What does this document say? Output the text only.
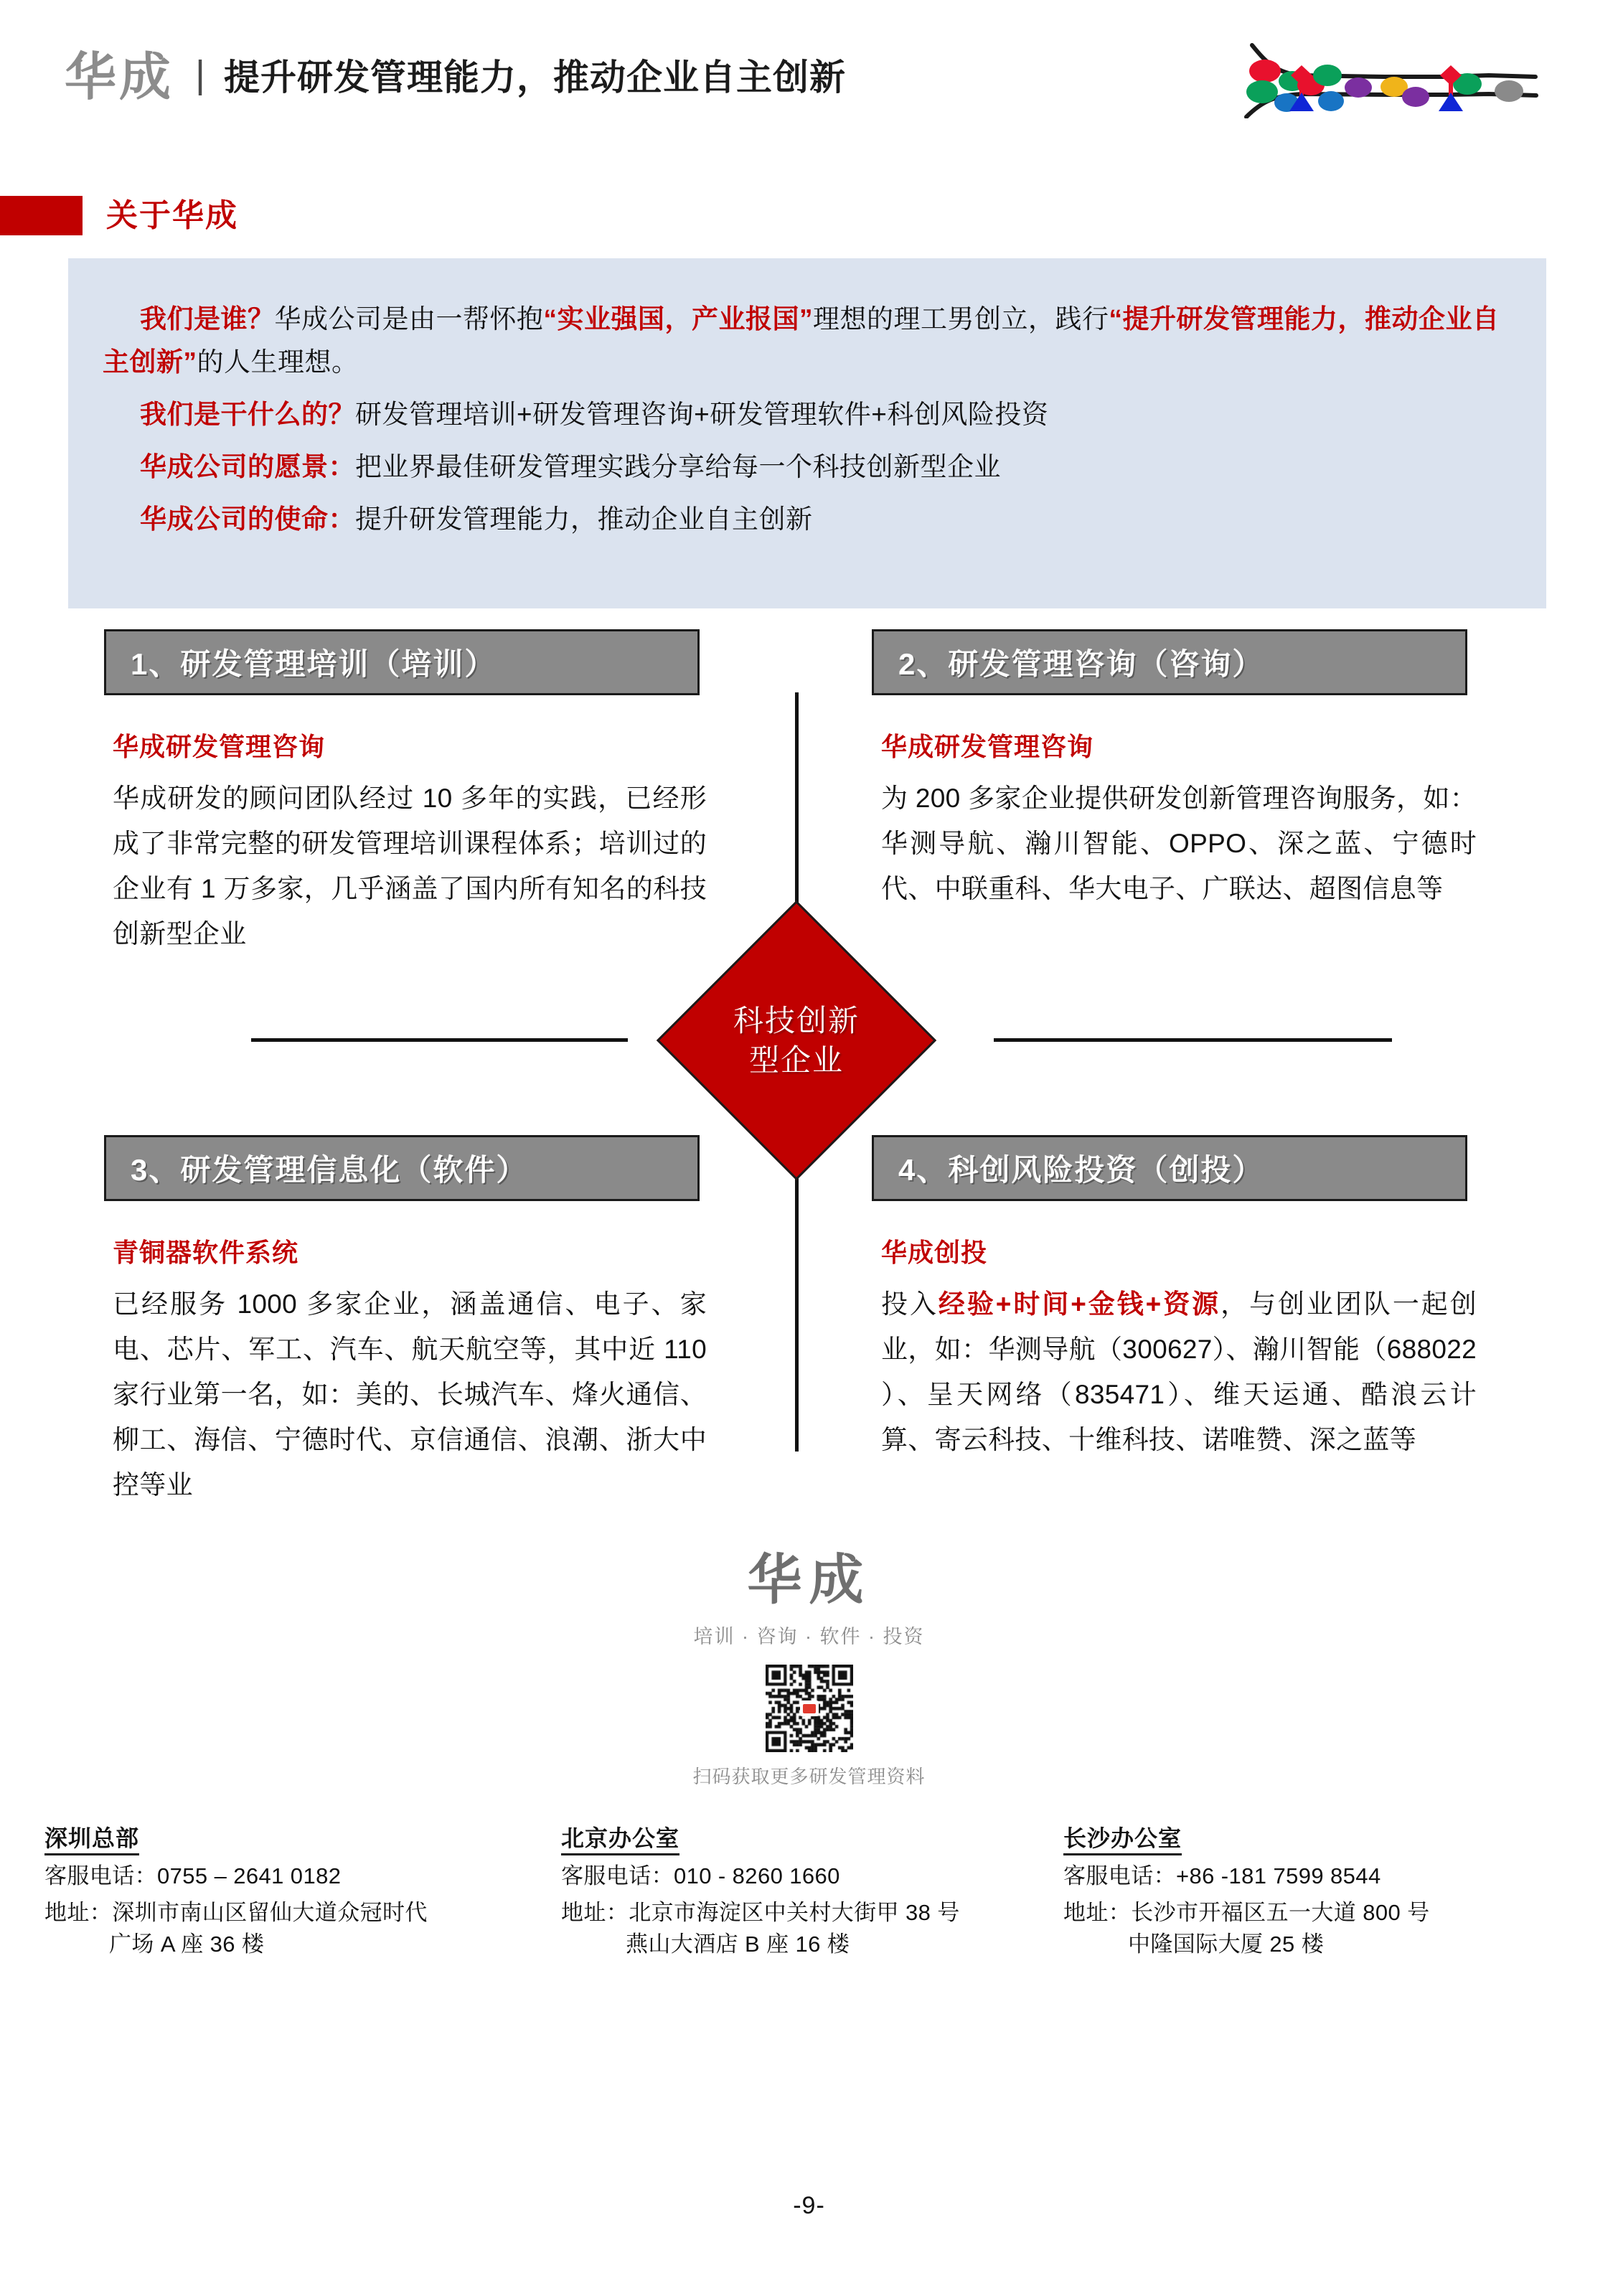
华成 | 提升研发管理能力，推动企业自主创新
关于华成
我们是谁？华成公司是由一帮怀抱“实业强国，产业报国”理想的理工男创立，践行“提升研发管理能力，推动企业自主创新”的人生理想。
我们是干什么的？研发管理培训+研发管理咨询+研发管理软件+科创风险投资
华成公司的愿景：把业界最佳研发管理实践分享给每一个科技创新型企业
华成公司的使命：提升研发管理能力，推动企业自主创新
1、研发管理培训（培训）
华成研发管理咨询
华成研发的顾问团队经过 10 多年的实践，已经形成了非常完整的研发管理培训课程体系；培训过的企业有 1 万多家，几乎涵盖了国内所有知名的科技创新型企业
2、研发管理咨询（咨询）
华成研发管理咨询
为 200 多家企业提供研发创新管理咨询服务，如：华测导航、瀚川智能、OPPO、深之蓝、宁德时代、中联重科、华大电子、广联达、超图信息等
3、研发管理信息化（软件）
青铜器软件系统
已经服务 1000 多家企业，涵盖通信、电子、家电、芯片、军工、汽车、航天航空等，其中近 110 家行业第一名，如：美的、长城汽车、烽火通信、柳工、海信、宁德时代、京信通信、浪潮、浙大中控等业
4、科创风险投资（创投）
华成创投
投入经验+时间+金钱+资源，与创业团队一起创业，如：华测导航（300627）、瀚川智能（688022 ）、呈天网络（835471）、维天运通、酷浪云计算、寄云科技、十维科技、诺唯赞、深之蓝等
科技创新
型企业
华成
培训 · 咨询 · 软件 · 投资
扫码获取更多研发管理资料
深圳总部
客服电话：0755 – 2641 0182
地址：深圳市南山区留仙大道众冠时代
广场 A 座 36 楼
北京办公室
客服电话：010 - 8260 1660
地址：北京市海淀区中关村大街甲 38 号
燕山大酒店 B 座 16 楼
长沙办公室
客服电话：+86 -181 7599 8544
地址：长沙市开福区五一大道 800 号
中隆国际大厦 25 楼
-9-
